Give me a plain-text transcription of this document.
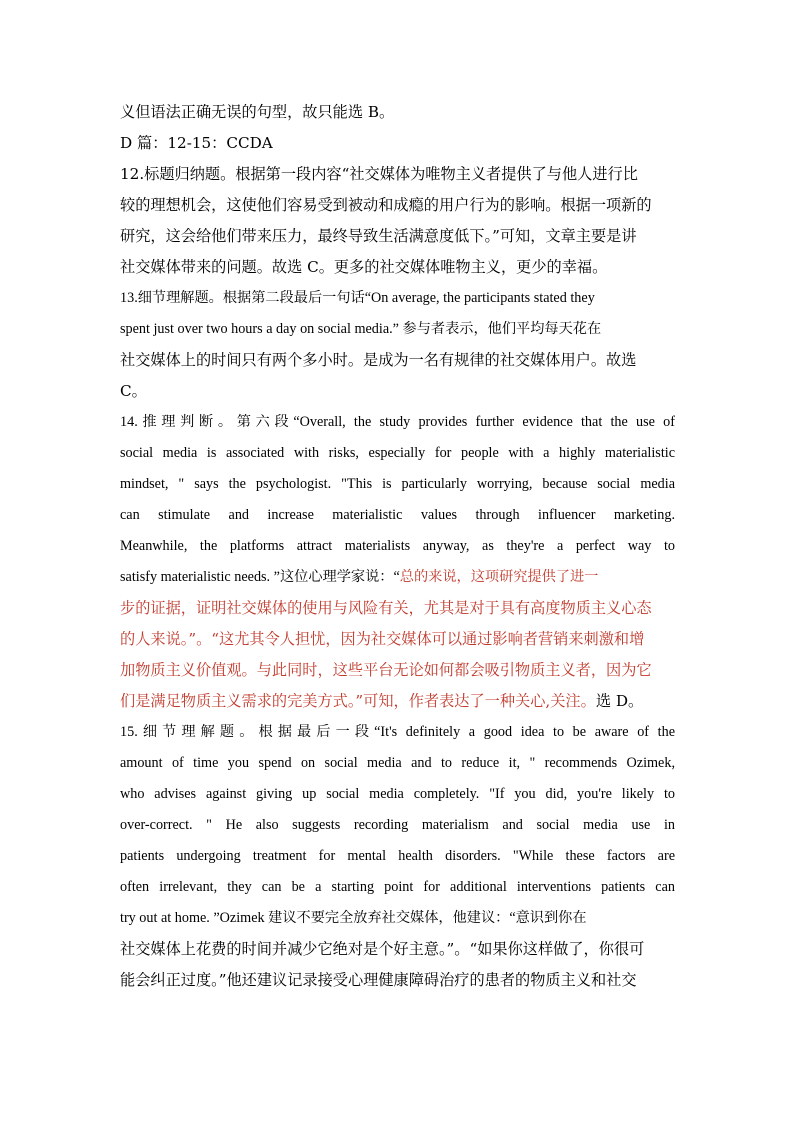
义但语法正确无误的句型，故只能选 B。
D 篇：12-15：CCDA
12.标题归纳题。根据第一段内容“社交媒体为唯物主义者提供了与他人进行比
较的理想机会，这使他们容易受到被动和成瘾的用户行为的影响。根据一项新的
研究，这会给他们带来压力，最终导致生活满意度低下。”可知，文章主要是讲
社交媒体带来的问题。故选 C。更多的社交媒体唯物主义，更少的幸福。
13.细节理解题。根据第二段最后一句话“On average, the participants stated they
spent just over two hours a day on social media.” 参与者表示，他们平均每天花在
社交媒体上的时间只有两个多小时。是成为一名有规律的社交媒体用户。故选
C。
14.推理判断。第六段“Overall, the study provides further evidence that the use of
social media is associated with risks, especially for people with a highly materialistic
mindset, " says the psychologist. "This is particularly worrying, because social media
can stimulate and increase materialistic values through influencer marketing.
Meanwhile, the platforms attract materialists anyway, as they're a perfect way to
satisfy materialistic needs. ”这位心理学家说：“总的来说，这项研究提供了进一
步的证据，证明社交媒体的使用与风险有关，尤其是对于具有高度物质主义心态
的人来说。”。“这尤其令人担忧，因为社交媒体可以通过影响者营销来刺激和增
加物质主义价值观。与此同时，这些平台无论如何都会吸引物质主义者，因为它
们是满足物质主义需求的完美方式。”可知，作者表达了一种关心,关注。选 D。
15.细节理解题。根据最后一段“It's definitely a good idea to be aware of the
amount of time you spend on social media and to reduce it, " recommends Ozimek,
who advises against giving up social media completely. "If you did, you're likely to
over-correct. " He also suggests recording materialism and social media use in
patients undergoing treatment for mental health disorders. "While these factors are
often irrelevant, they can be a starting point for additional interventions patients can
try out at home. ”Ozimek 建议不要完全放弃社交媒体，他建议：“意识到你在
社交媒体上花费的时间并减少它绝对是个好主意。”。“如果你这样做了，你很可
能会纠正过度。”他还建议记录接受心理健康障碍治疗的患者的物质主义和社交
